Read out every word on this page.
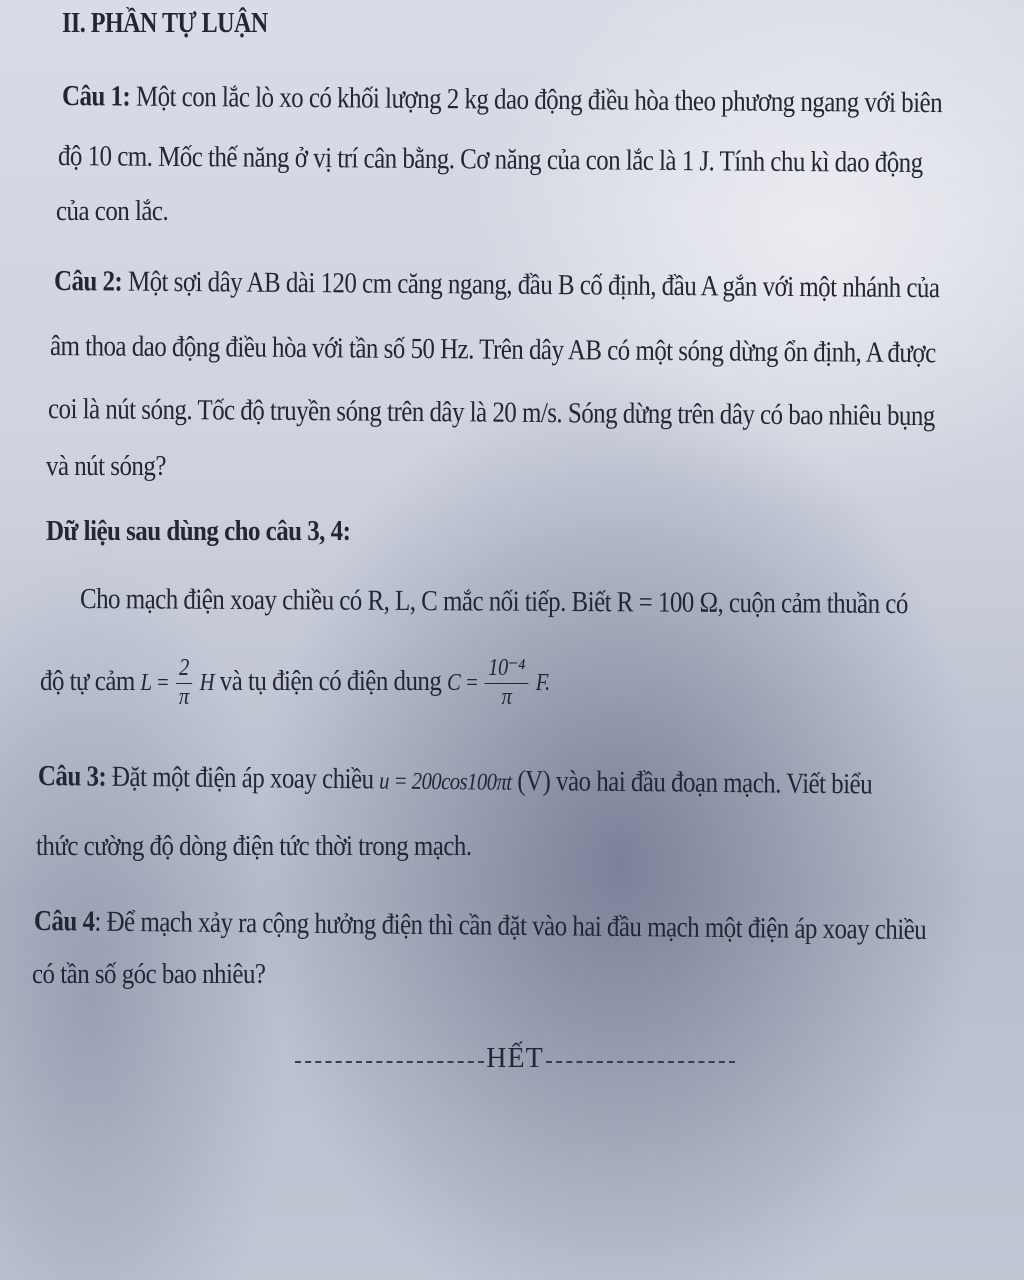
II. PHẦN TỰ LUẬN
Câu 1: Một con lắc lò xo có khối lượng 2 kg dao động điều hòa theo phương ngang với biên
độ 10 cm. Mốc thế năng ở vị trí cân bằng. Cơ năng của con lắc là 1 J. Tính chu kì dao động
của con lắc.
Câu 2: Một sợi dây AB dài 120 cm căng ngang, đầu B cố định, đầu A gắn với một nhánh của
âm thoa dao động điều hòa với tần số 50 Hz. Trên dây AB có một sóng dừng ổn định, A được
coi là nút sóng. Tốc độ truyền sóng trên dây là 20 m/s. Sóng dừng trên dây có bao nhiêu bụng
và nút sóng?
Dữ liệu sau dùng cho câu 3, 4:
Cho mạch điện xoay chiều có R, L, C mắc nối tiếp. Biết R = 100 Ω, cuộn cảm thuần có
độ tự cảm $L = \frac{2}{\pi}$ H và tụ điện có điện dung $C = \frac{\text{10⁻⁴}}{\pi} F$.
Câu 3: Đặt một điện áp xoay chiều u = 200cos100πt (V) vào hai đầu đoạn mạch. Viết biểu
thức cường độ dòng điện tức thời trong mạch.
Câu 4: Để mạch xảy ra cộng hưởng điện thì cần đặt vào hai đầu mạch một điện áp xoay chiều
có tần số góc bao nhiêu?
HẾT
